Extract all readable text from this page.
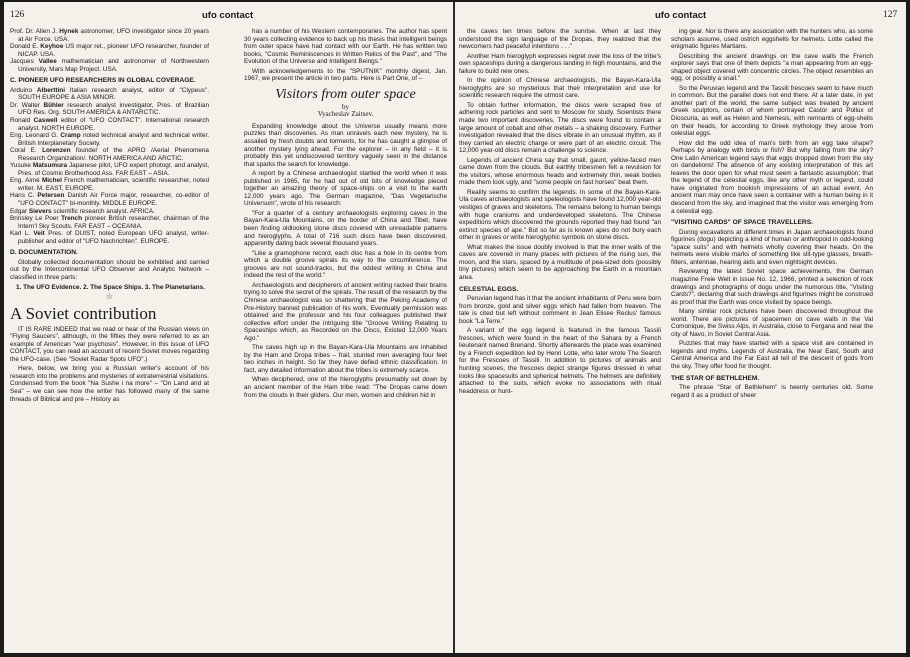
126	ufo contact

Prof. Dr. Allen J. Hynek astronomer, UFO investigator since 20 years at Air Force. USA.

Donald E. Keyhoe US major ret., pioneer UFO researcher, founder of NICAP. USA.

Jacques Vallee mathematician and astronomer of Northwestern University, Mars Map Project. USA.

C. PIONEER UFO RESEARCHERS IN GLOBAL COVERAGE.

Arduino Alberttini Italian research analyst, editor of "Clypeus". SOUTH EUROPE & ASIA MINOR.

Dr. Walter Bühler research analyst investigator, Pres. of Brazilian UFO Res. Org. SOUTH AMERICA & ANTARCTIC.

Ronald Caswell editor of "UFO CONTACT". International research analyst. NORTH EUROPE.

Eng. Leonard G. Cramp noted technical analyst and technical writer. British Interplanetary Society.

Coral E. Lorenzen founder of the APRO /Aerial Phenomena Research Organization/. NORTH AMERICA AND ARCTIC.

Yusuke Matsumura Japanese pilot, UFO expert photogr. and analyst, Pres. of Cosmic Brotherhood Ass. FAR EAST – ASIA.

Eng. Aimé Michel French mathematician, scientific researcher, noted writer. M. EAST, EUROPE.

Hans C. Petersen Danish Air Force major, researcher, co-editor of "UFO CONTACT" bi-monthly. MIDDLE EUROPE.

Edgar Sievers scientific research analyst. AFRICA.

Brinsley Le Poer Trench pioneer British researcher, chairman of the Intern'l Sky Scouts. FAR EAST – OCEANIA.

Karl L. Veit Pres. of DUIST, noted European UFO analyst, writer-publisher and editor of "UFO Nachrichten". EUROPE.

D. DOCUMENTATION.

Globally collected documentation should be exhibited and carried out by the Intercontinental UFO Observer and Analytic Network – classified in three parts:

1. The UFO Evidence. 2. The Space Ships. 3. The Planetarians.

☆
A Soviet contribution

IT IS RARE INDEED that we read or hear of the Russian views on "Flying Saucers", although, in the fifties they were referred to as an example of American "war psychosis". However, in this issue of UFO CONTACT, you can read an account of recent Soviet moves regarding the UFO-case. (See "Soviet Radar Spots UFO".)

Here, below, we bring you a Russian writer's account of his research into the problems and mysteries of extraterrestrial visitations. Condensed from the book "Na Sushe i na more" – "On Land and at Sea" – we can see how the writer has followed many of the same threads of Biblical and pre – History as

has a number of his Western contemporaries. The author has spent 30 years collecting evidence to back up his thesis that intelligent beings from outer space have had contact with our Earth. He has written two books, "Cosmic Reminiscences in Written Relics of the Past", and "The Evolution of the Universe and Intelligent Beings."

With acknowledgements to the "SPUTNIK" monthly digest, Jan. 1967, we present the article in two parts. Here is Part One, of –

Visitors from outer space
by
Vyacheslav Zaitsev.

Expanding knowledge about the Universe usually means more puzzles than discoveries. As man unravels each new mystery, he is assailed by fresh doubts and torments, for he has caught a glimpse of another mystery lying ahead. For the explorer – in any field – it is probably this yet undiscovered territory vaguely seen in the distance that sparks the search for knowledge.

A report by a Chinese archaeologist startled the world when it was published in 1965, for he had out of old bits of knowledge pieced together an amazing theory of space-ships on a visit to the earth 12,000 years ago. The German magazine, "Das Vegetarische Universum", wrote of his research:

"For a quarter of a century archaeologists exploring caves in the Bayan-Kara-Ula Mountains, on the border of China and Tibet, have been finding oldlooking stone discs covered with unreadable patterns and hieroglyphs. A total of 716 such discs have been discovered, apparently dating back several thousand years.

"Like a gramophone record, each disc has a hole in its centre from which a double groove spirals its way to the circumference. The grooves are not sound-tracks, but the oddest writing in China and indeed the rest of the world."

Archaeologists and decipherers of ancient writing racked their brains trying to solve the secret of the spirals. The result of the research by the Chinese archaeologist was so shattering that the Peking Academy of Pre-History banned publication of his work. Eventually permission was obtained and the professor and his four colleagues published their collective effort under the intriguing title "Groove Writing Relating to Spaceships which, as Recorded on the Discs, Existed 12,000 Years Ago."

The caves high up in the Bayan-Kara-Ula Mountains are inhabited by the Ham and Dropa tribes – frail, stunted men averaging four feet two inches in height. So far they have defied ethnic classification. In fact, any detailed information about the tribes is extremely scarce.

When deciphered, one of the hieroglyphs presumably set down by an ancient member of the Ham tribe read: "The Dropas came down from the clouds in their gliders. Our men, women and children hid in

ufo contact	127

the caves ten times before the sunrise. When at last they understood the sign language of the Dropas, they realized that the newcomers had peaceful intentions . . ."

Another Ham hieroglyph expresses regret over the loss of the tribe's own spaceships during a dangerous landing in high mountains, and the failure to build new ones.

In the opinion of Chinese archaeologists, the Bayan-Kara-Ula hieroglyphs are so mysterious that their interpretation and use for scientific research require the utmost care.

To obtain further information, the discs were scraped free of adhering rock particles and sent to Moscow for study. Scientists there made two important discoveries. The discs were found to contain a large amount of cobalt and other metals – a shaking discovery. Further investigation revealed that the discs vibrate in an unusual rhythm, as if they carried an electric charge or were part of an electric circuit. The 12,000 year-old discs remain a challenge to science.

Legends of ancient China say that small, gaunt, yellow-faced men came down from the clouds. But earthly tribesmen felt a revulsion for the visitors, whose enormous heads and extremely thin, weak bodies made them look ugly, and "some people on fast horses" beat them.

Reality seems to confirm the legends. In some of the Bayan-Kara-Ula caves archaeologists and speleologists have found 12,000 year-old vestiges of graves and skeletons. The remains belong to human beings with huge craniums and underdeveloped skeletons. The Chinese expeditions which discovered the grounds reported they had found "an extinct species of ape." But so far as is known apes do not bury each other in graves or write hieroglyphic symbols on stone discs.

What makes the issue doubly involved is that the inner walls of the caves are covered in many places with pictures of the rising sun, the moon, and the stars, spaced by a multitude of pea-sized dots (possibly tiny pictures) which seem to be approaching the Earth in a mountain area.

CELESTIAL EGGS.

Peruvian legend has it that the ancient inhabitants of Peru were born from bronze, gold and silver eggs which had fallen from heaven. The tale is cited but left without comment in Jean Elisee Reclus' famous book "La Terre."

A variant of the egg legend is featured in the famous Tassili frescoes, which were found in the heart of the Sahara by a French lieutenant named Brenand. Shortly afterwards the place was examined by a French expedition led by Henri Lotte, who later wrote The Search for the Frescoes of Tassili. In addition to pictures of animals and hunting scenes, the frescoes depict strange figures dressed in what looks like spacesuits and spherical helmets. The helmets are definitely attached to the suits, which evoke no associations with ritual headdress or hunt-

ing gear. Nor is there any association with the hunters who, as some scholars assume, used ostrich eggshells for helmets. Lotte called the enigmatic figures Martians.

Describing the ancient drawings on the cave walls the French explorer says that one of them depicts "a man appearing from an egg-shaped object covered with concentric circles. The object resembles an egg, or possibly a snail."

So the Peruvian legend and the Tassili frescoes seem to have much in common. But the parallel does not end there. At a later date, in yet another part of the world, the same subject was treated by ancient Greek sculptors, certain of whom portrayed Castor and Pollux of Dioscuria, as well as Helen and Nemesis, with remnants of egg-shells on their heads, for according to Greek mythology they arose from celestial eggs.

How did the odd idea of man's birth from an egg take shape? Perhaps by analogy with birds or fish? But why falling from the sky? One Latin American legend says that eggs dropped down from the sky on dandelions! The absence of any existing interpretation of this art leaves the door open for what must seem a fantastic assumption: that the legend of the celestial eggs, like any other myth or legend, could have originated from bookish impressions of an actual event. An ancient man may once have seen a container with a human being in it descend from the sky, and imagined that the visitor was emerging from a celestial egg.

"VISITING CARDS" OF SPACE TRAVELLERS.

During excavations at different times in Japan archaeologists found figurines (dogu) depicting a kind of human or anthropoid in odd-looking "space suits" and with helmets wholly covering their heads. On the helmets were visible marks of something like slit-type glasses, breath-filters, antennae, hearing aids and even nightsight devices.

Reviewing the latest Soviet space achievements, the German magazine Freie Welt in issue No. 12, 1966, printed a selection of rock drawings and photographs of dogu under the humorous title, "Visiting Cards?", declaring that such drawings and figurines might be construed as proof that the Earth was once visited by space beings.

Many similar rock pictures have been discovered throughout the world. There are pictures of spacemen on cave walls in the Val Comonique, the Swiss Alps, in Australia, close to Fergana and near the city of Navo, in Soviet Central Asia.

Puzzles that may have started with a space visit are contained in legends and myths. Legends of Australia, the Near East, South and Central America and the Far East all tell of the descent of gods from the sky. They offer food for thought.

THE STAR OF BETHLEHEM.

The phrase "Star of Bethlehem" is twenty centuries old. Some regard it as a product of sheer
